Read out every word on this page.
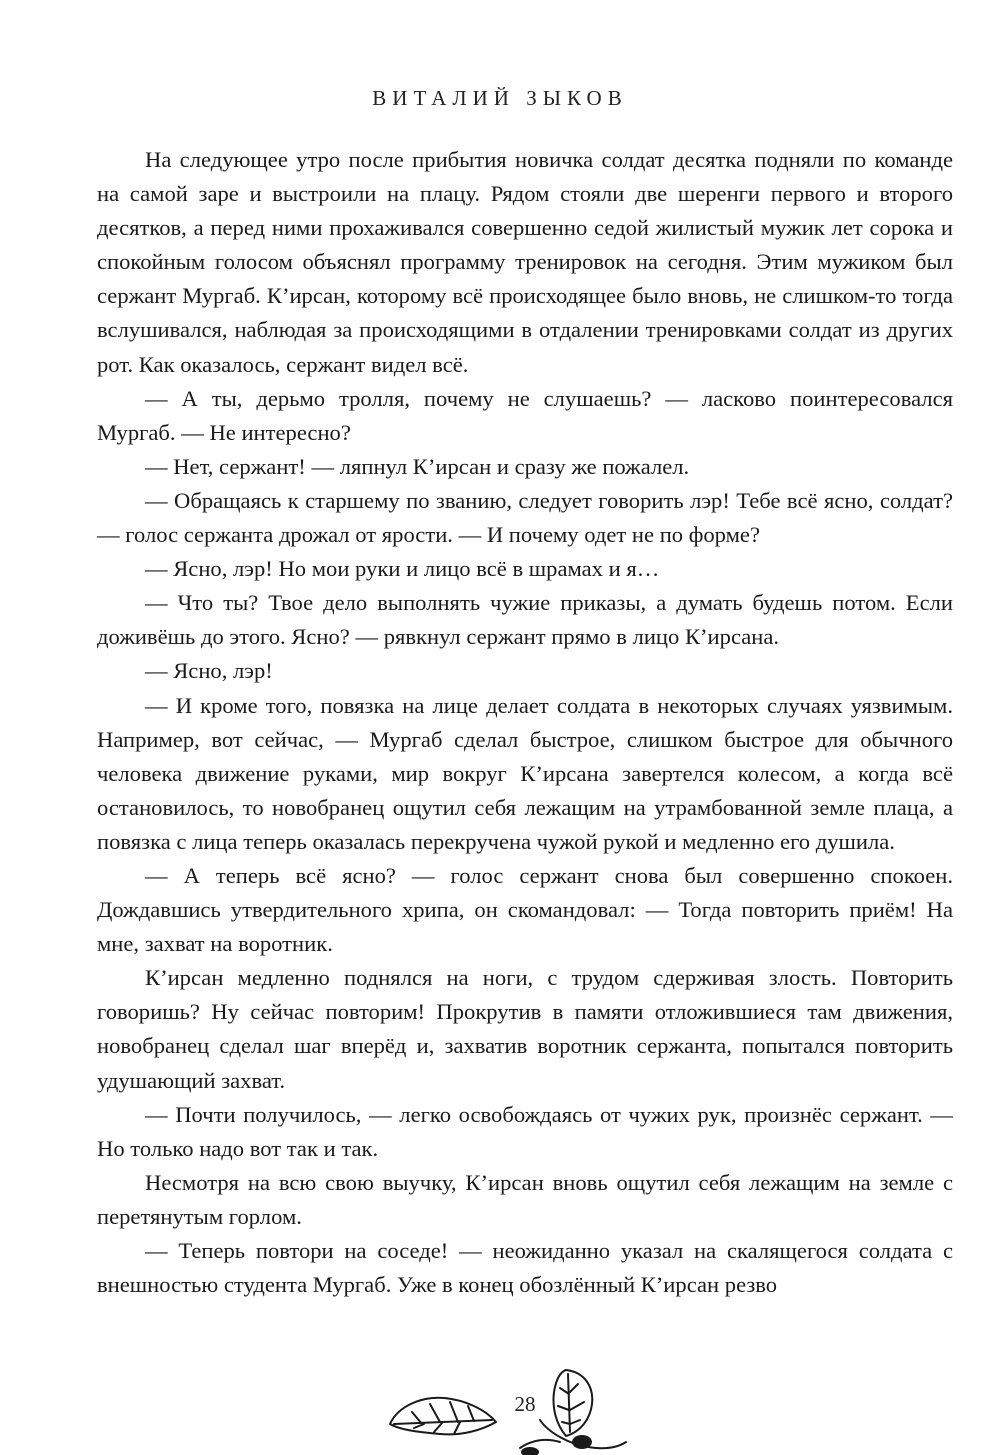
ВИТАЛИЙ ЗЫКОВ

На следующее утро после прибытия новичка солдат десятка подняли по команде на самой заре и выстроили на плацу. Рядом стояли две шеренги первого и второго десятков, а перед ними прохаживался совершенно седой жилистый мужик лет сорока и спокойным голосом объяснял программу тренировок на сегодня. Этим мужиком был сержант Мургаб. К’ирсан, которому всё происходящее было вновь, не слишком-то тогда вслушивался, наблюдая за происходящими в отдалении тренировками солдат из других рот. Как оказалось, сержант видел всё.

— А ты, дерьмо тролля, почему не слушаешь? — ласково поинтересовался Мургаб. — Не интересно?

— Нет, сержант! — ляпнул К’ирсан и сразу же пожалел.

— Обращаясь к старшему по званию, следует говорить лэр! Тебе всё ясно, солдат? — голос сержанта дрожал от ярости. — И почему одет не по форме?

— Ясно, лэр! Но мои руки и лицо всё в шрамах и я…

— Что ты? Твое дело выполнять чужие приказы, а думать будешь потом. Если доживёшь до этого. Ясно? — рявкнул сержант прямо в лицо К’ирсана.

— Ясно, лэр!

— И кроме того, повязка на лице делает солдата в некоторых случаях уязвимым. Например, вот сейчас, — Мургаб сделал быстрое, слишком быстрое для обычного человека движение руками, мир вокруг К’ирсана завертелся колесом, а когда всё остановилось, то новобранец ощутил себя лежащим на утрамбованной земле плаца, а повязка с лица теперь оказалась перекручена чужой рукой и медленно его душила.

— А теперь всё ясно? — голос сержант снова был совершенно спокоен. Дождавшись утвердительного хрипа, он скомандовал: — Тогда повторить приём! На мне, захват на воротник.

К’ирсан медленно поднялся на ноги, с трудом сдерживая злость. Повторить говоришь? Ну сейчас повторим! Прокрутив в памяти отложившиеся там движения, новобранец сделал шаг вперёд и, захватив воротник сержанта, попытался повторить удушающий захват.

— Почти получилось, — легко освобождаясь от чужих рук, произнёс сержант. — Но только надо вот так и так.

Несмотря на всю свою выучку, К’ирсан вновь ощутил себя лежащим на земле с перетянутым горлом.

— Теперь повтори на соседе! — неожиданно указал на скалящегося солдата с внешностью студента Мургаб. Уже в конец обозлённый К’ирсан резво

28
